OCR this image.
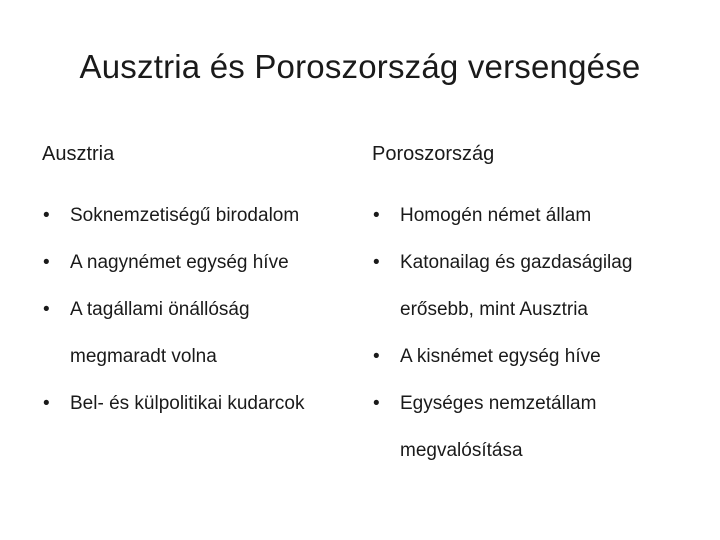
Ausztria és Poroszország versengése
Ausztria
• Soknemzetiségű birodalom
• A nagynémet egység híve
• A tagállami önállóság megmaradt volna
• Bel- és külpolitikai kudarcok
Poroszország
• Homogén német állam
• Katonailag és gazdaságilag erősebb, mint Ausztria
• A kisnémet egység híve
• Egységes nemzetállam megvalósítása
